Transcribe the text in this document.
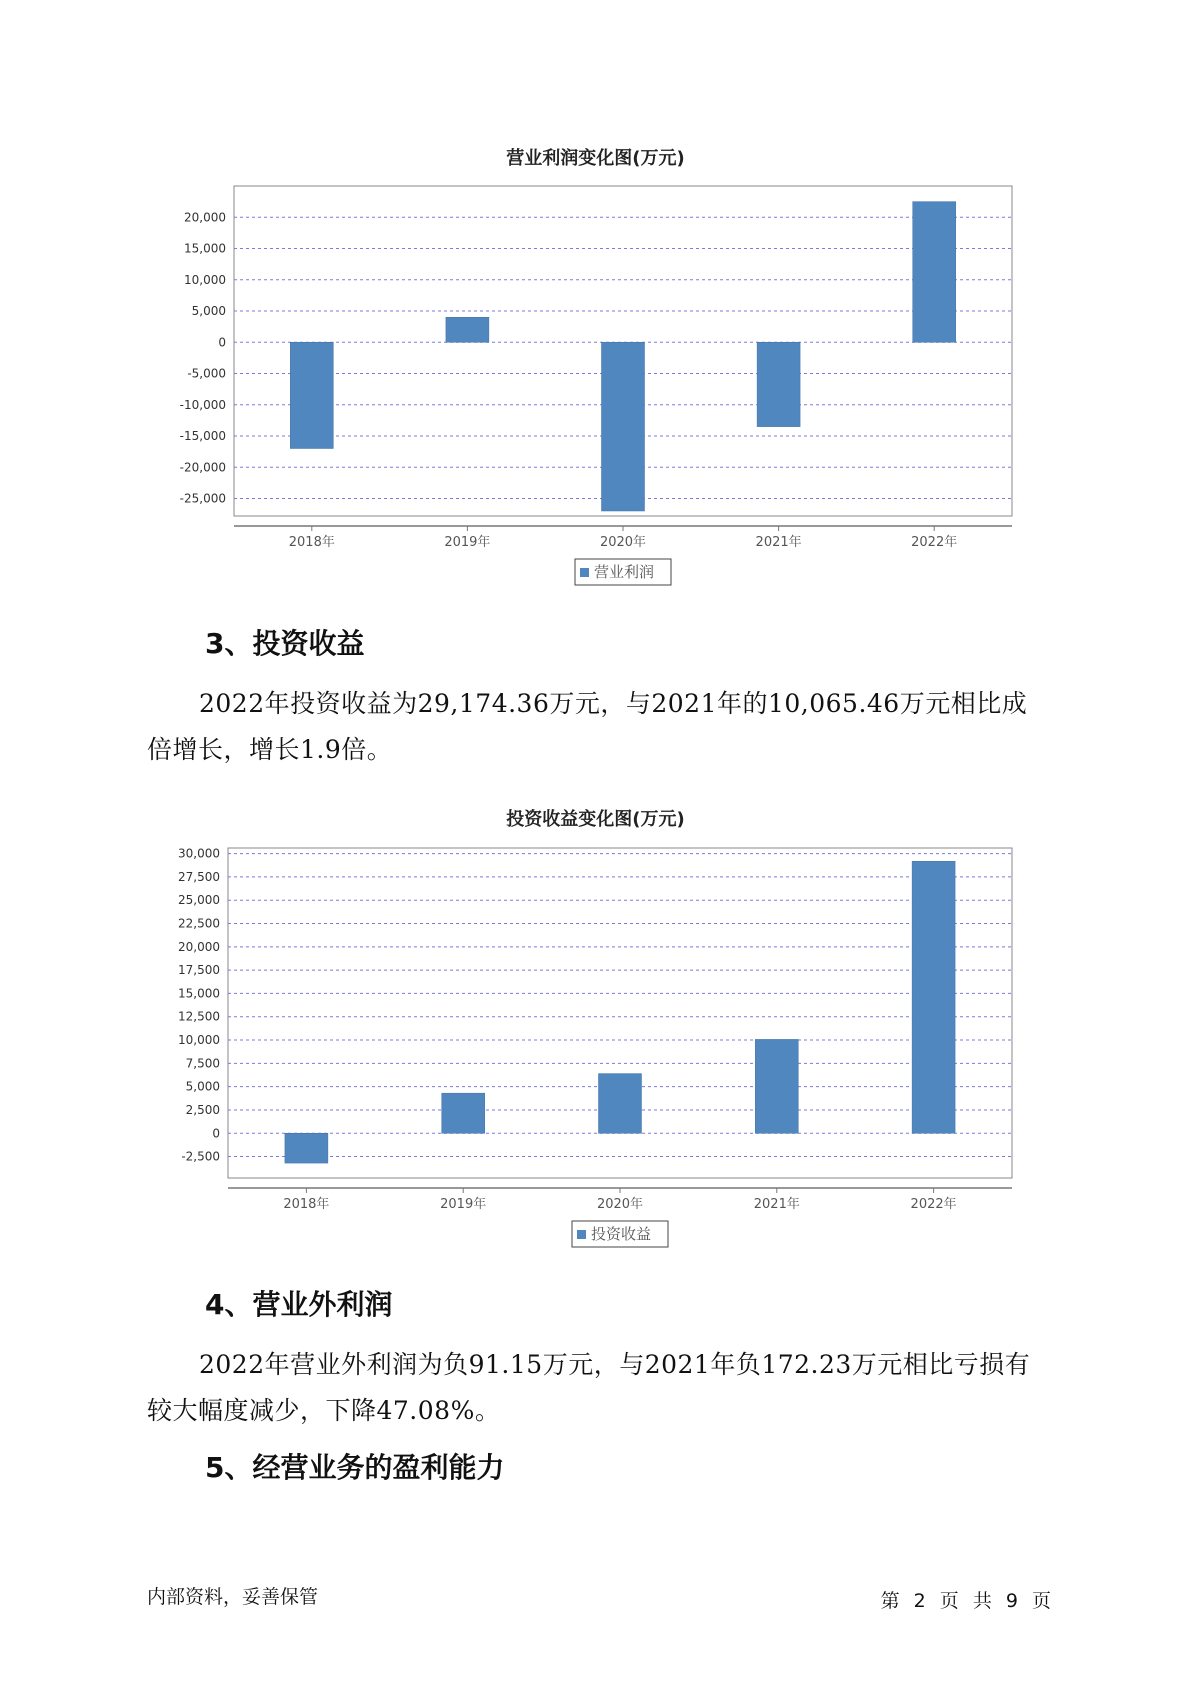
营业利润变化图(万元)
20,000
15,000
10,000
5,000
0
-5,000
-10,000
-15,000
-20,000
-25,000
2018年	2019年	2020年	2021年	2022年
营业利润
3、投资收益

2022年投资收益为29,174.36万元，与2021年的10,065.46万元相比成倍增长，增长1.9倍。

投资收益变化图(万元)
30,000
27,500
25,000
22,500
20,000
17,500
15,000
12,500
10,000
7,500
5,000
2,500
0
-2,500
2018年	2019年	2020年	2021年	2022年
投资收益
4、营业外利润

2022年营业外利润为负91.15万元，与2021年负172.23万元相比亏损有较大幅度减少，下降47.08%。

5、经营业务的盈利能力
内部资料，妥善保管	第 2 页 共 9 页
